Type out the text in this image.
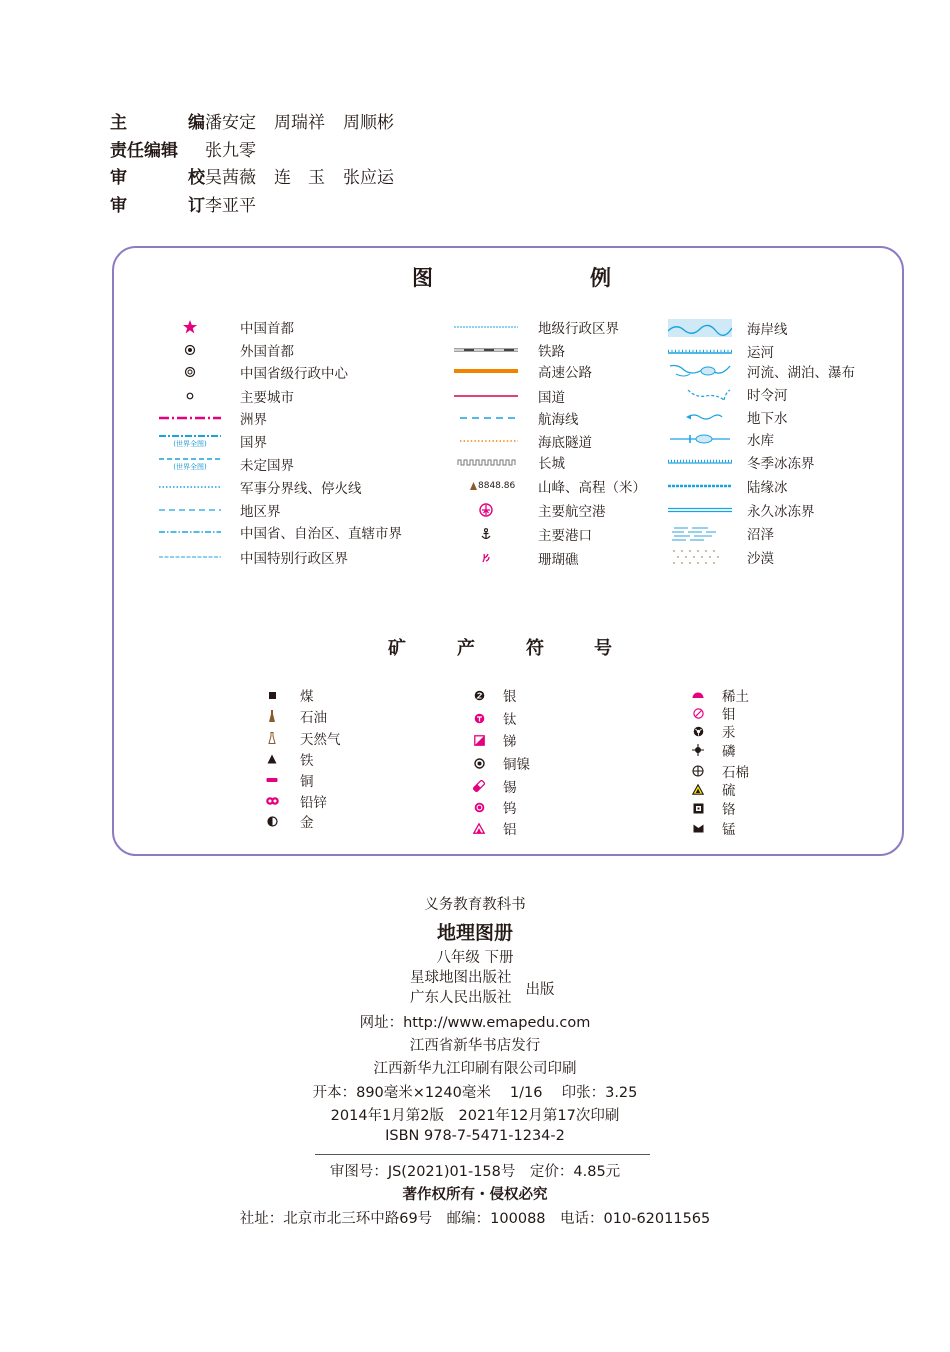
主	编 潘安定 周瑞祥 周顺彬
责任编辑 张九零
审	校 吴茜薇 连　玉 张应运
审	订 李亚平
图	例
中国首都
外国首都
中国省级行政中心
主要城市
洲界
(世界全图) 国界
(世界全图) 未定国界
军事分界线、停火线
地区界
中国省、自治区、直辖市界
中国特别行政区界
地级行政区界
铁路
高速公路
国道
航海线
海底隧道
长城
8848.86 山峰、高程（米）
主要航空港
主要港口
珊瑚礁
海岸线
运河
河流、湖泊、瀑布
时令河
地下水
水库
冬季冰冻界
陆缘冰
永久冰冻界
沼泽
沙漠
矿	产	符	号
煤
石油
天然气
铁
铜
铅锌
金
银
钛
锑
铜镍
锡
钨
铝
稀土
钼
汞
磷
石棉
硫
铬
锰
义务教育教科书
地理图册
八年级 下册
星球地图出版社
广东人民出版社
出版
网址：http://www.emapedu.com
江西省新华书店发行
江西新华九江印刷有限公司印刷
开本：890毫米×1240毫米　 1/16　 印张：3.25
2014年1月第2版　2021年12月第17次印刷
ISBN 978-7-5471-1234-2
审图号：JS(2021)01-158号　定价：4.85元
著作权所有・侵权必究
社址：北京市北三环中路69号　邮编：100088　电话：010-62011565
